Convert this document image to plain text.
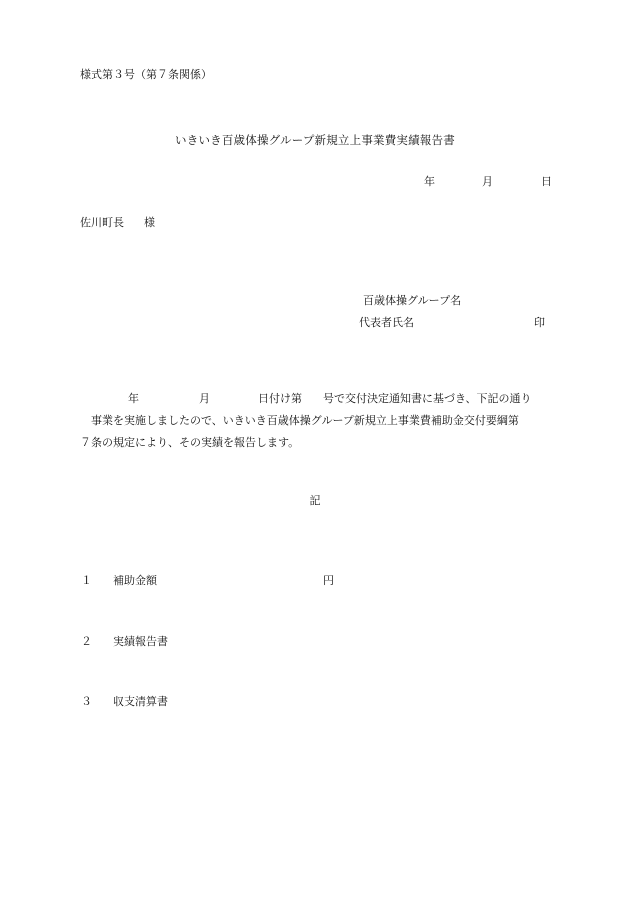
様式第３号（第７条関係）
いきいき百歳体操グループ新規立上事業費実績報告書
年	月	日
佐川町長 様
百歳体操グループ名
代表者氏名	印
年	月	日付け第 号で交付決定通知書に基づき、下記の通り
事業を実施しましたので、いきいき百歳体操グループ新規立上事業費補助金交付要綱第
７条の規定により、その実績を報告します。
記
１ 補助金額	円
２ 実績報告書
３ 収支清算書
